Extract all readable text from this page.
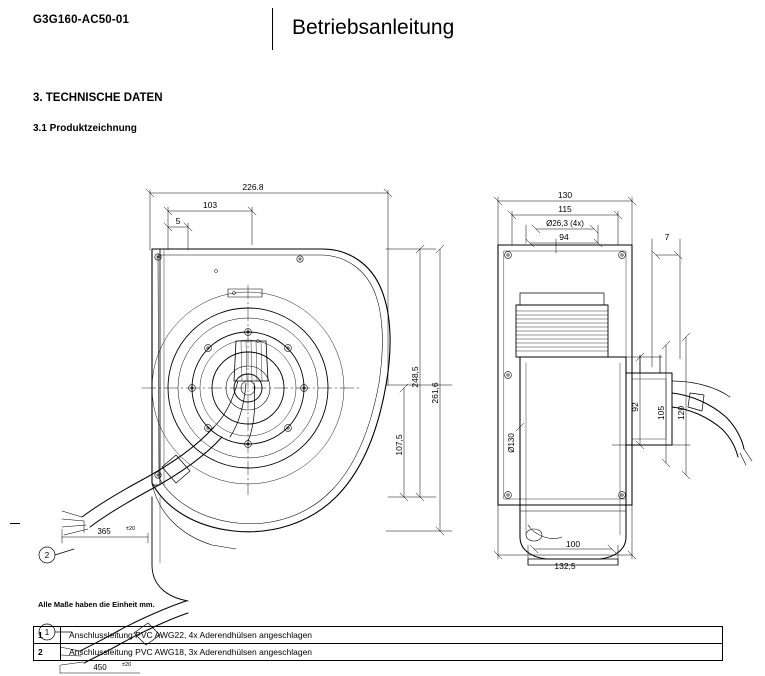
G3G160-AC50-01	Betriebsanleitung
3. TECHNISCHE DATEN
3.1 Produktzeichnung
226.8
103
5
248,5
261,6
107,5
1
2
365	±20
450	±20
130
115
Ø26,3 (4x)
94	7
92 105 120
Ø130
100
132,5
Alle Maße haben die Einheit mm.
1	Anschlussleitung PVC AWG22, 4x Aderendhülsen angeschlagen
2	Anschlussleitung PVC AWG18, 3x Aderendhülsen angeschlagen
